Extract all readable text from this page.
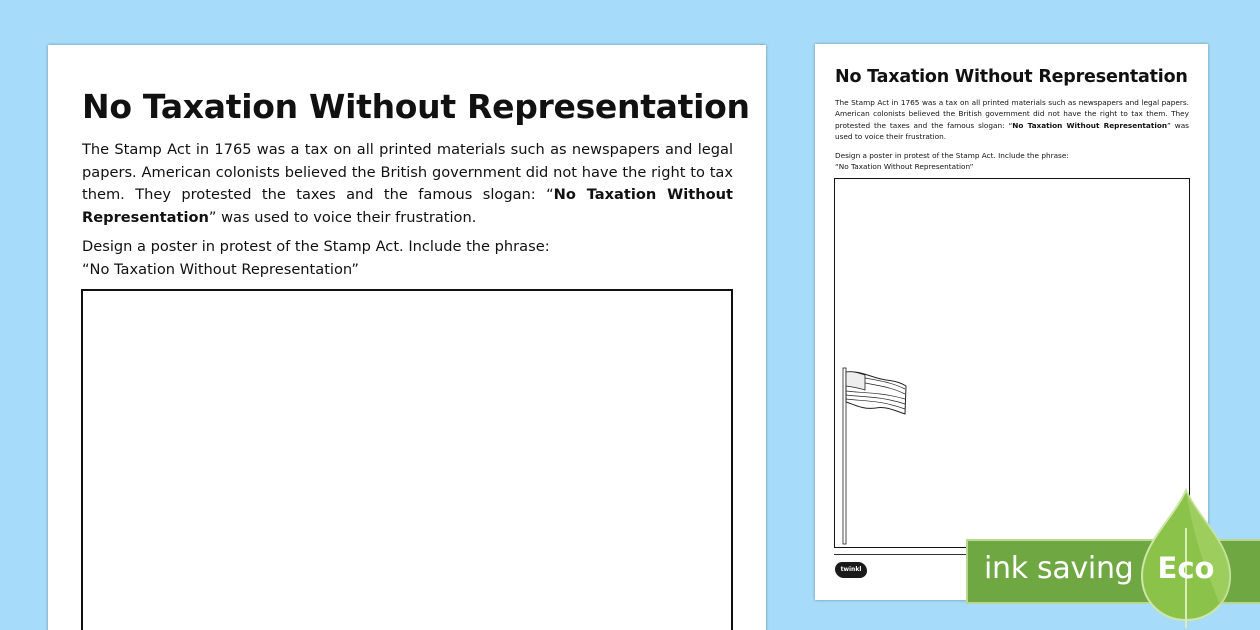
No Taxation Without Representation

The Stamp Act in 1765 was a tax on all printed materials such as newspapers and legal papers. American colonists believed the British government did not have the right to tax them. They protested the taxes and the famous slogan: “No Taxation Without Representation” was used to voice their frustration.

Design a poster in protest of the Stamp Act. Include the phrase:
“No Taxation Without Representation”
No Taxation Without Representation

The Stamp Act in 1765 was a tax on all printed materials such as newspapers and legal papers. American colonists believed the British government did not have the right to tax them. They protested the taxes and the famous slogan: “No Taxation Without Representation” was used to voice their frustration.

Design a poster in protest of the Stamp Act. Include the phrase:
“No Taxation Without Representation”
twinkl	ink saving Eco
